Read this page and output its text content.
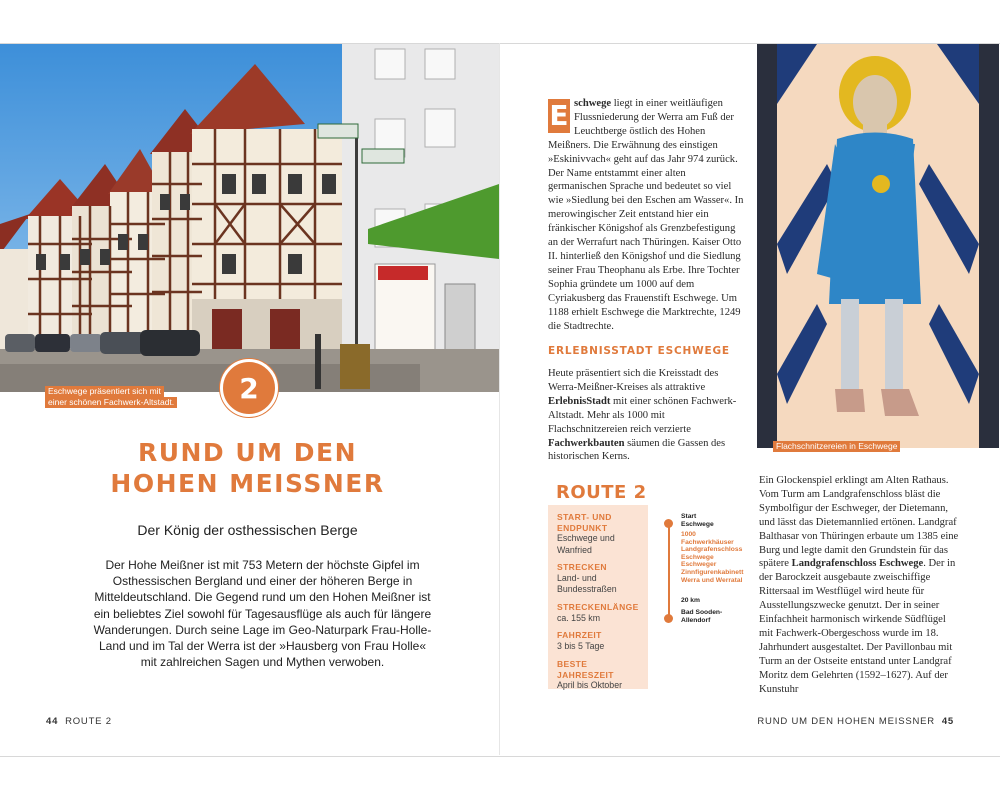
Eschwege präsentiert sich mit
einer schönen Fachwerk-Altstadt.	2
RUND UM DEN
HOHEN MEISSNER
Der König der osthessischen Berge
Der Hohe Meißner ist mit 753 Metern der höchste Gipfel im Osthessischen Bergland und einer der höheren Berge in Mitteldeutschland. Die Gegend rund um den Hohen Meißner ist ein beliebtes Ziel sowohl für Tagesausflüge als auch für längere Wanderungen. Durch seine Lage im Geo-Naturpark Frau-Holle-Land und im Tal der Werra ist der »Hausberg von Frau Holle« mit zahlreichen Sagen und Mythen verwoben.
E schwege liegt in einer weitläufigen Flussniederung der Werra am Fuß der Leuchtberge östlich des Hohen Meißners. Die Erwähnung des einstigen »Eskinivvach« geht auf das Jahr 974 zurück. Der Name entstammt einer alten germanischen Sprache und bedeutet so viel wie »Siedlung bei den Eschen am Wasser«. In merowingischer Zeit entstand hier ein fränkischer Königshof als Grenzbefestigung an der Werrafurt nach Thüringen. Kaiser Otto II. hinterließ den Königshof und die Siedlung seiner Frau Theophanu als Erbe. Ihre Tochter Sophia gründete um 1000 auf dem Cyriakusberg das Frauenstift Eschwege. Um 1188 erhielt Eschwege die Marktrechte, 1249 die Stadtrechte.
ERLEBNISSTADT ESCHWEGE
Heute präsentiert sich die Kreisstadt des Werra-Meißner-Kreises als attraktive ErlebnisStadt mit einer schönen Fachwerk-Altstadt. Mehr als 1000 mit Flachschnitzereien reich verzierte Fachwerkbauten säumen die Gassen des historischen Kerns.
Flachschnitzereien in Eschwege
ROUTE 2
START- UND ENDPUNKT
Eschwege und Wanfried
STRECKEN
Land- und Bundesstraßen
STRECKENLÄNGE
ca. 155 km
FAHRZEIT
3 bis 5 Tage
BESTE JAHRESZEIT
April bis Oktober
Start
Eschwege
1000 Fachwerkhäuser Landgrafenschloss Eschwege Eschweger Zinnfigurenkabinett Werra und Werratal
20 km
Bad Sooden-Allendorf
Ein Glockenspiel erklingt am Alten Rathaus. Vom Turm am Landgrafenschloss bläst die Symbolfigur der Eschweger, der Dietemann, und lässt das Dietemannlied ertönen. Landgraf Balthasar von Thüringen erbaute um 1385 eine Burg und legte damit den Grundstein für das spätere Landgrafenschloss Eschwege. Der in der Barockzeit ausgebaute zweischiffige Rittersaal im Westflügel wird heute für Ausstellungszwecke genutzt. Der in seiner Einfachheit harmonisch wirkende Südflügel mit Fachwerk-Obergeschoss wurde im 18. Jahrhundert ausgestaltet. Der Pavillonbau mit Turm an der Ostseite entstand unter Landgraf Moritz dem Gelehrten (1592–1627). Auf der Kunstuhr
44 ROUTE 2	RUND UM DEN HOHEN MEISSNER 45
